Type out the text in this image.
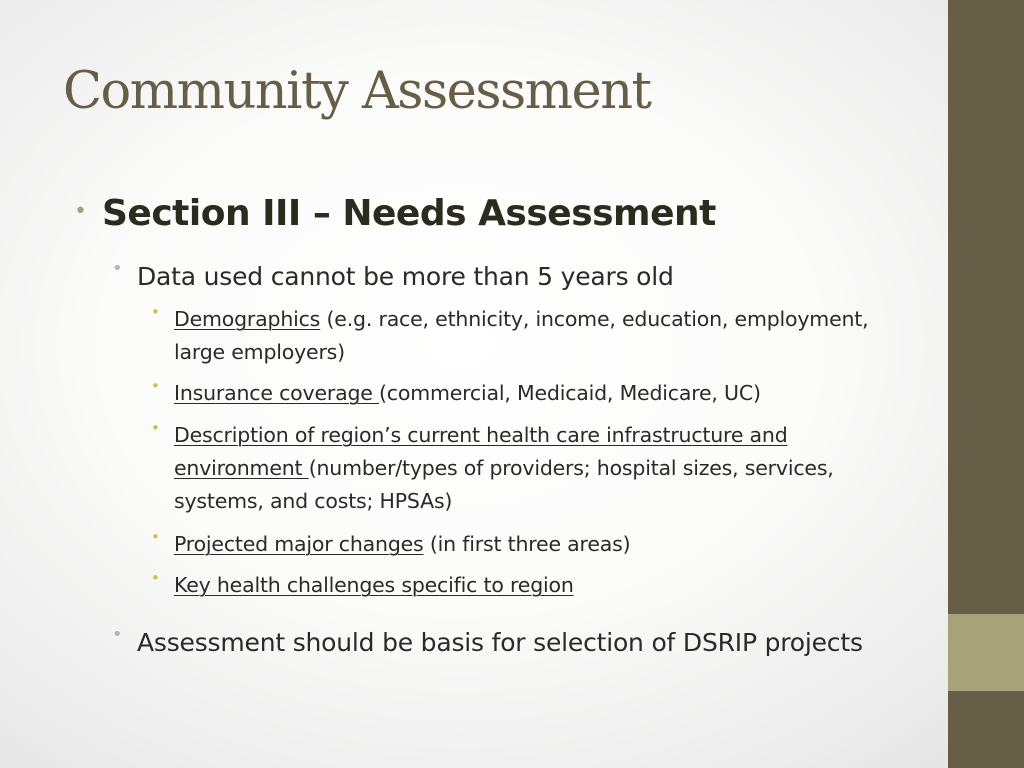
Community Assessment
• Section III – Needs Assessment
• Data used cannot be more than 5 years old
• Demographics (e.g. race, ethnicity, income, education, employment, large employers)
• Insurance coverage (commercial, Medicaid, Medicare, UC)
• Description of region’s current health care infrastructure and environment (number/types of providers; hospital sizes, services, systems, and costs; HPSAs)
• Projected major changes (in first three areas)
• Key health challenges specific to region
• Assessment should be basis for selection of DSRIP projects
